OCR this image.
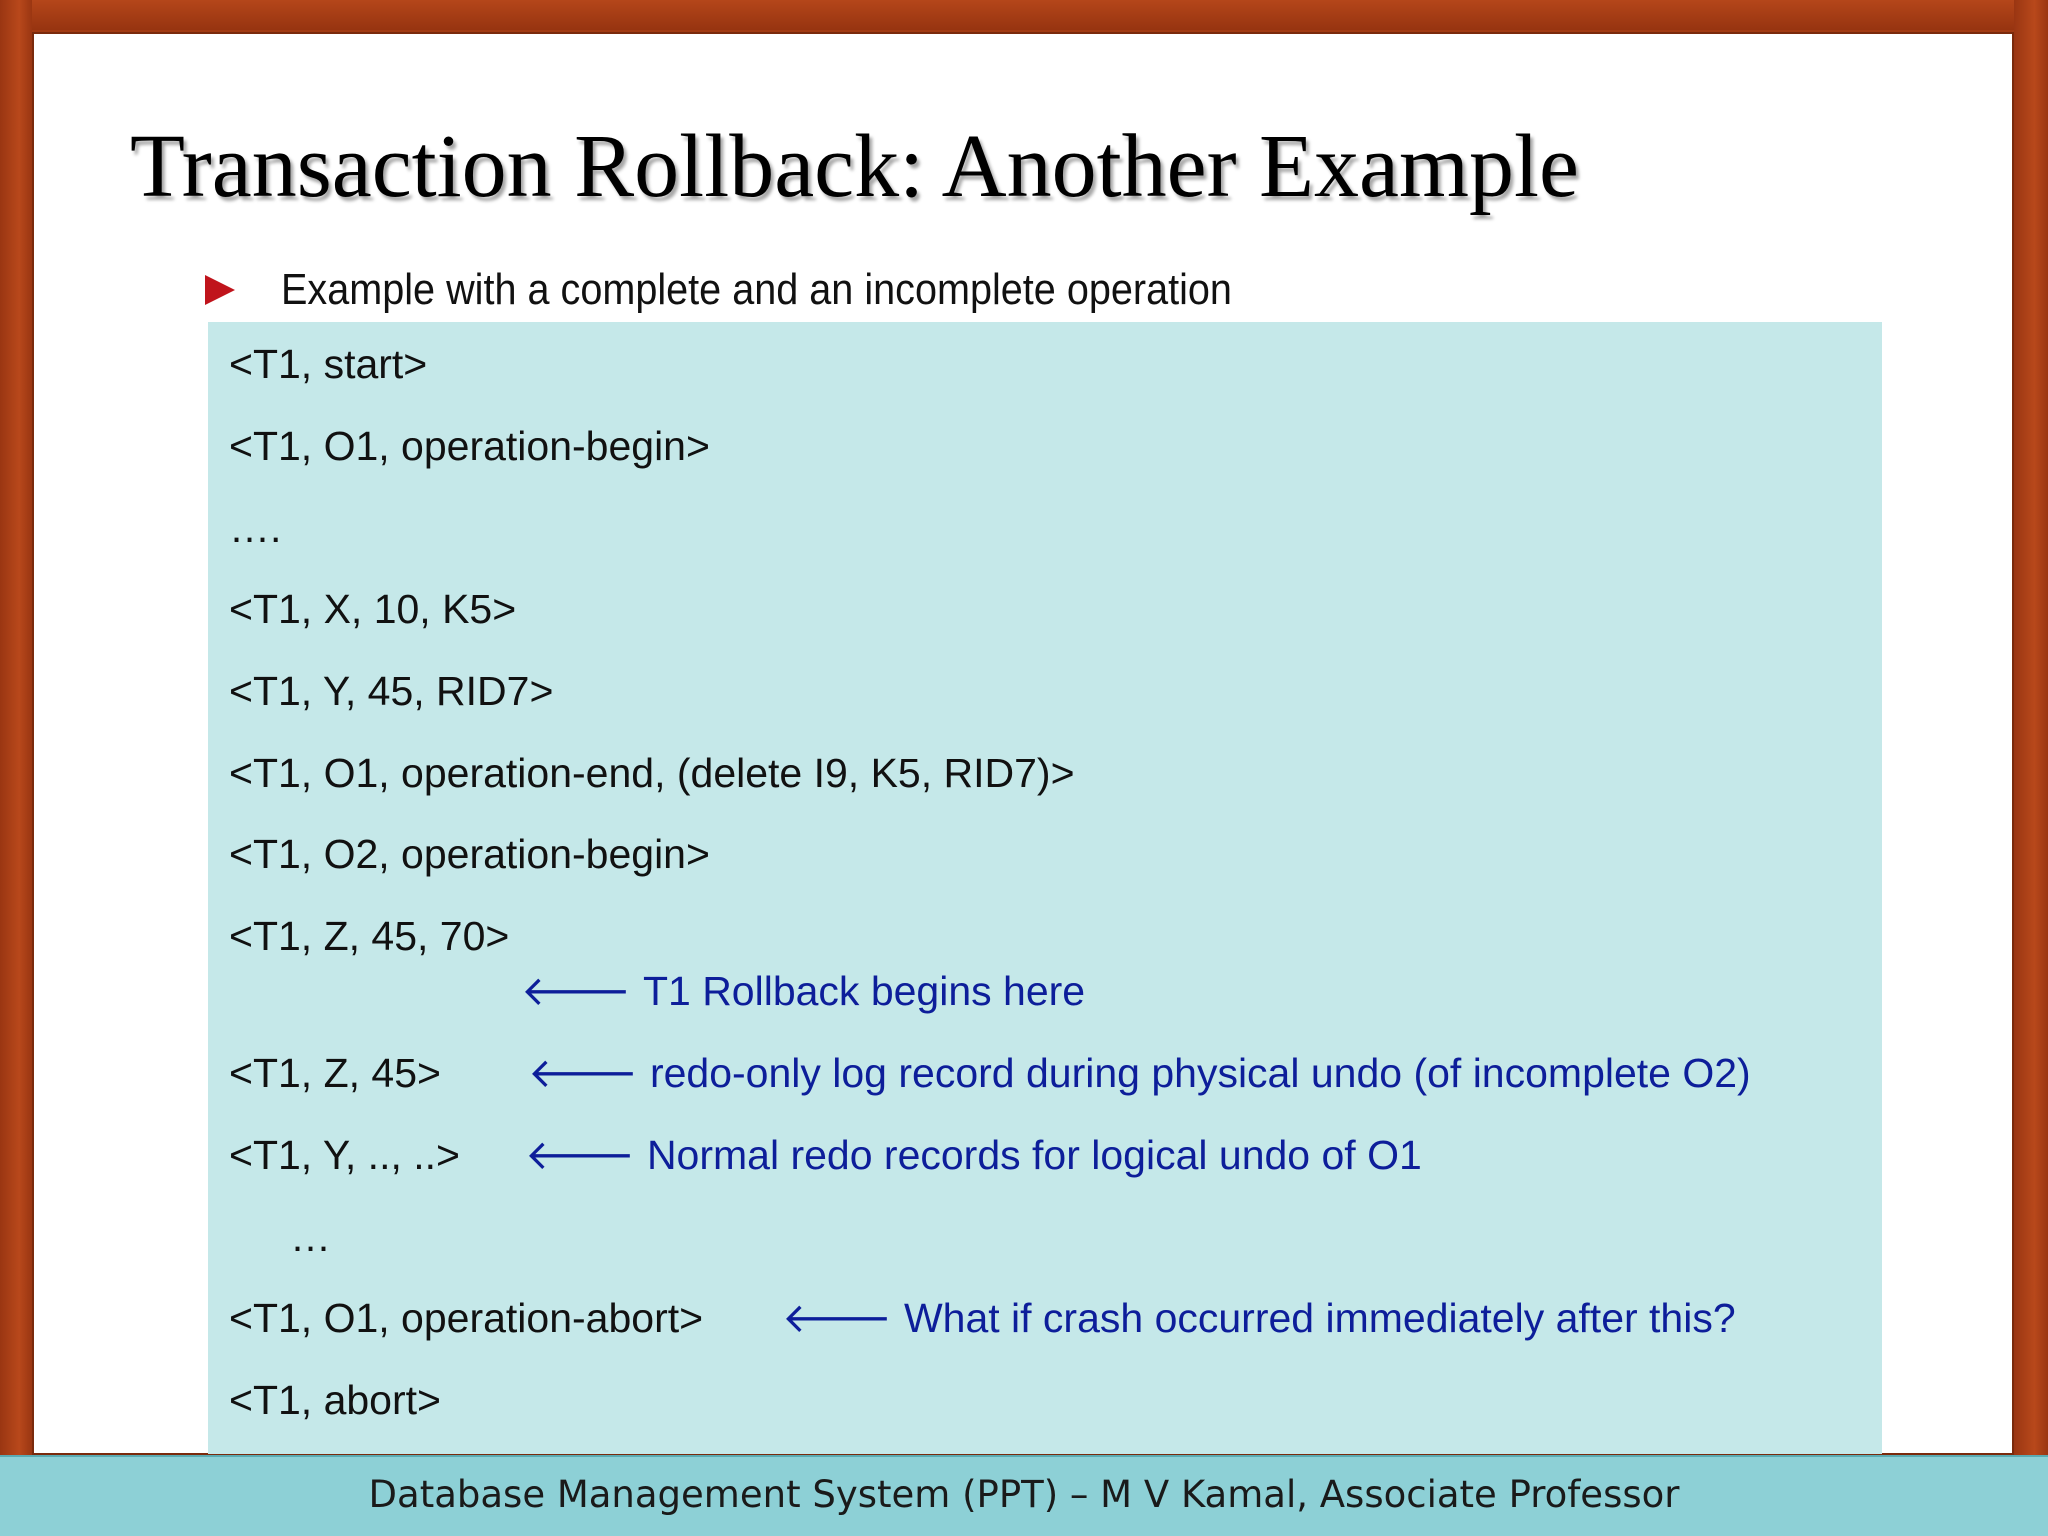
Transaction Rollback: Another Example
Example with a complete and an incomplete operation
<T1, start>
<T1, O1, operation-begin>
….
<T1, X, 10, K5>
<T1, Y, 45, RID7>
<T1, O1, operation-end, (delete I9, K5, RID7)>
<T1, O2, operation-begin>
<T1, Z, 45, 70>
🡐 T1 Rollback begins here
<T1, Z, 45> 🡐 redo-only log record during physical undo (of incomplete O2)
<T1, Y, .., ..> 🡐 Normal redo records for logical undo of O1
…
<T1, O1, operation-abort> 🡐 What if crash occurred immediately after this?
<T1, abort>
Database Management System (PPT) – M V Kamal, Associate Professor
